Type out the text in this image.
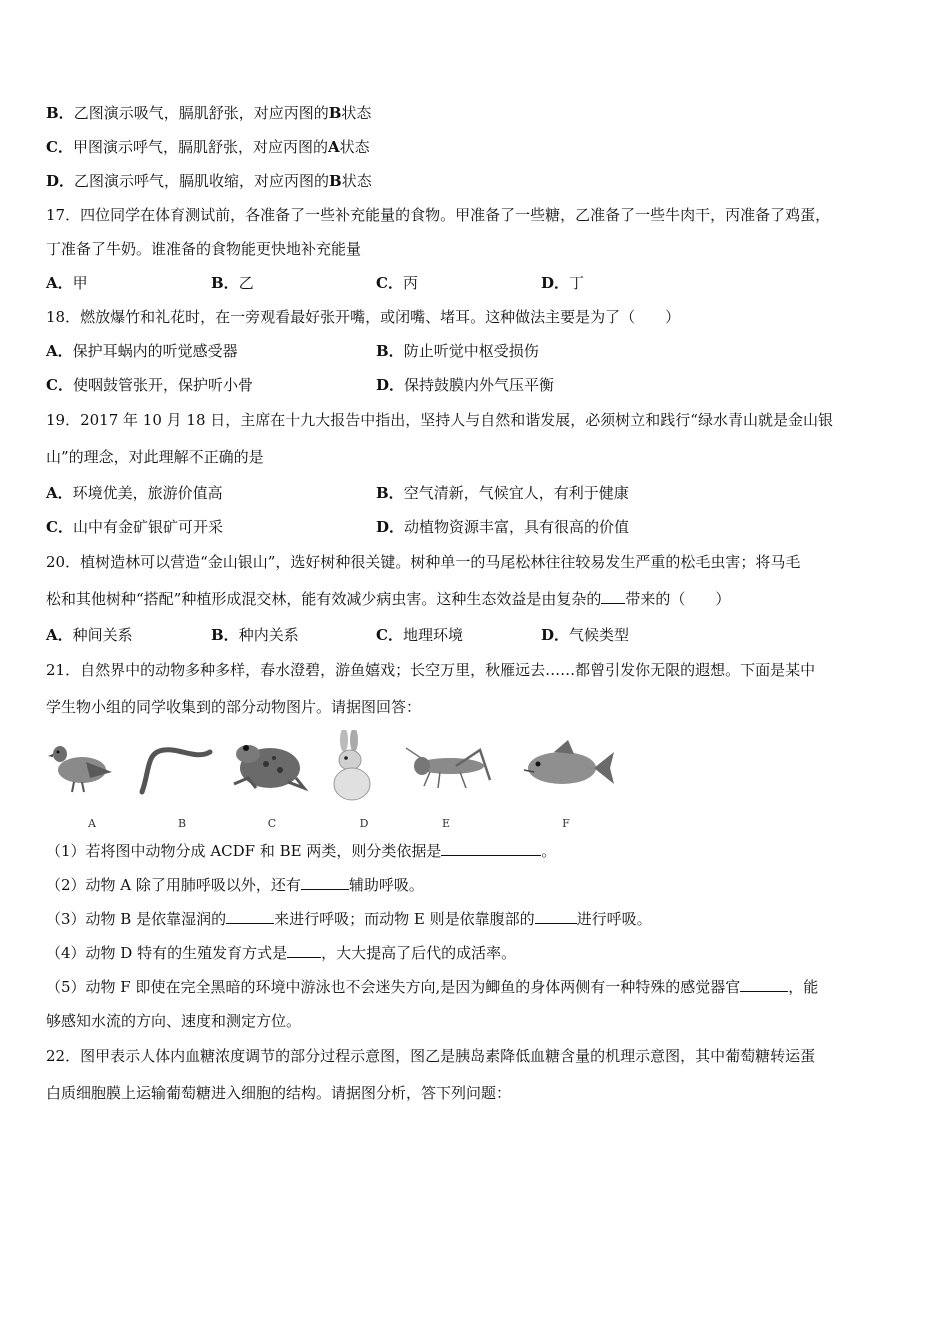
B．乙图演示吸气，膈肌舒张，对应丙图的B状态
C．甲图演示呼气，膈肌舒张，对应丙图的A状态
D．乙图演示呼气，膈肌收缩，对应丙图的B状态
17．四位同学在体育测试前，各准备了一些补充能量的食物。甲准备了一些糖，乙准备了一些牛肉干，丙准备了鸡蛋，
丁准备了牛奶。谁准备的食物能更快地补充能量
A．甲	B．乙	C．丙	D．丁
18．燃放爆竹和礼花时，在一旁观看最好张开嘴，或闭嘴、堵耳。这种做法主要是为了（　　）
A．保护耳蜗内的听觉感受器	B．防止听觉中枢受损伤
C．使咽鼓管张开，保护听小骨	D．保持鼓膜内外气压平衡
19．2017 年 10 月 18 日，主席在十九大报告中指出，坚持人与自然和谐发展，必须树立和践行“绿水青山就是金山银
山”的理念，对此理解不正确的是
A．环境优美，旅游价值高	B．空气清新，气候宜人，有利于健康
C．山中有金矿银矿可开采	D．动植物资源丰富，具有很高的价值
20．植树造林可以营造“金山银山”，选好树种很关键。树种单一的马尾松林往往较易发生严重的松毛虫害；将马毛
松和其他树种“搭配”种植形成混交林，能有效减少病虫害。这种生态效益是由复杂的 带来的（　　）
A．种间关系	B．种内关系	C．地理环境	D．气候类型
21．自然界中的动物多种多样，春水澄碧，游鱼嬉戏；长空万里，秋雁远去……都曾引发你无限的遐想。下面是某中
学生物小组的同学收集到的部分动物图片。请据图回答：
A	B	C	D	E	F
（1）若将图中动物分成 ACDF 和 BE 两类，则分类依据是	。
（2）动物 A 除了用肺呼吸以外，还有	辅助呼吸。
（3）动物 B 是依靠湿润的	来进行呼吸；而动物 E 则是依靠腹部的	进行呼吸。
（4）动物 D 特有的生殖发育方式是 ，大大提高了后代的成活率。
（5）动物 F 即使在完全黑暗的环境中游泳也不会迷失方向,是因为鲫鱼的身体两侧有一种特殊的感觉器官	，能
够感知水流的方向、速度和测定方位。
22．图甲表示人体内血糖浓度调节的部分过程示意图，图乙是胰岛素降低血糖含量的机理示意图，其中葡萄糖转运蛋
白质细胞膜上运输葡萄糖进入细胞的结构。请据图分析，答下列问题：
